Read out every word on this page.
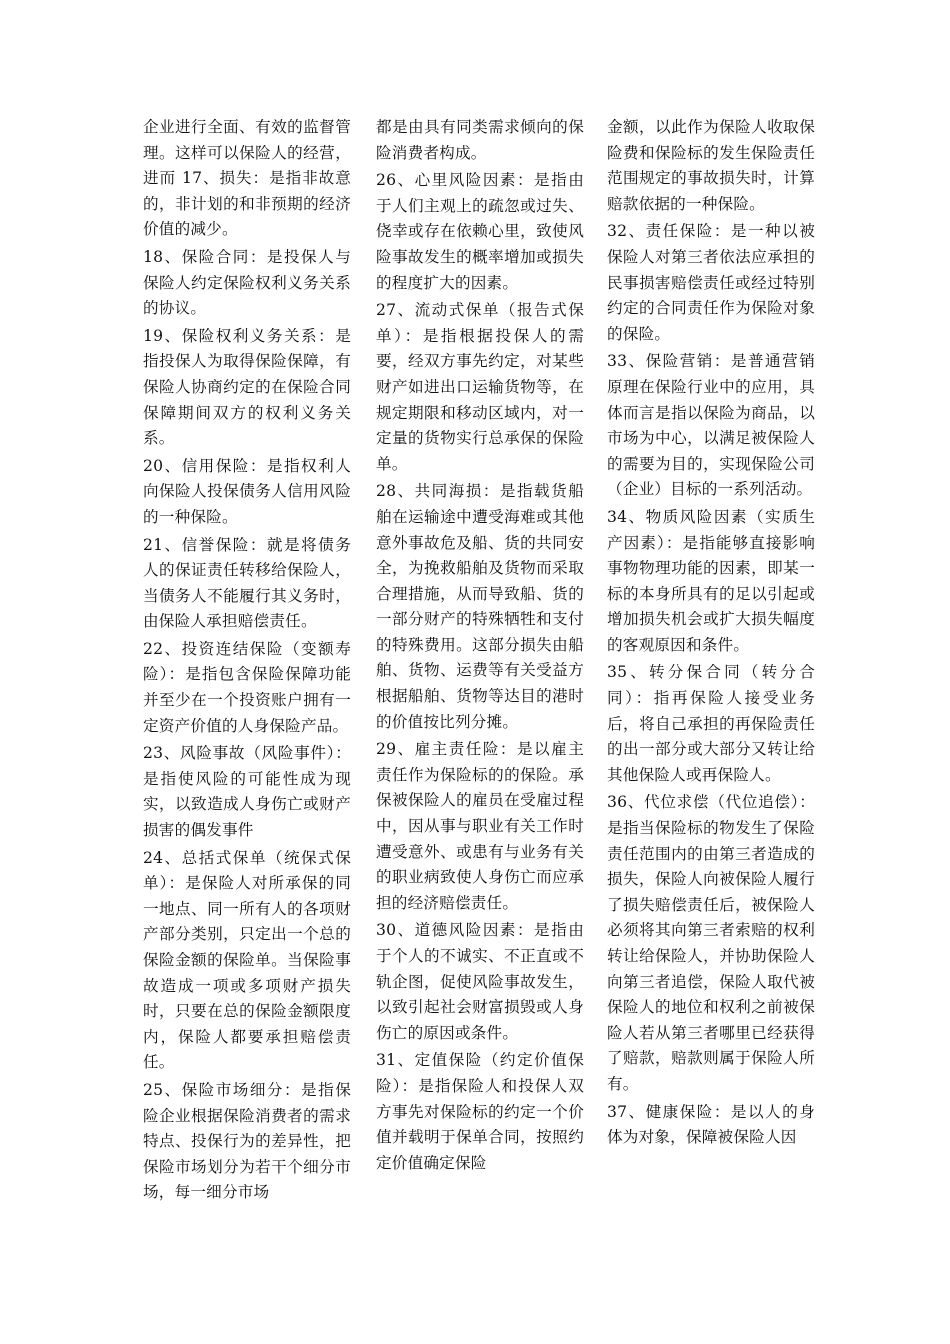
企业进行全面、有效的监督管理。这样可以保险人的经营，进而 17、损失：是指非故意的，非计划的和非预期的经济价值的减少。

18、保险合同：是投保人与保险人约定保险权利义务关系的协议。

19、保险权利义务关系：是指投保人为取得保险保障，有保险人协商约定的在保险合同保障期间双方的权利义务关系。

20、信用保险：是指权利人向保险人投保债务人信用风险的一种保险。

21、信誉保险：就是将债务人的保证责任转移给保险人，当债务人不能履行其义务时，由保险人承担赔偿责任。

22、投资连结保险（变额寿险）：是指包含保险保障功能并至少在一个投资账户拥有一定资产价值的人身保险产品。

23、风险事故（风险事件）：是指使风险的可能性成为现实，以致造成人身伤亡或财产损害的偶发事件

24、总括式保单（统保式保单）：是保险人对所承保的同一地点、同一所有人的各项财产部分类别，只定出一个总的保险金额的保险单。当保险事故造成一项或多项财产损失时，只要在总的保险金额限度内，保险人都要承担赔偿责任。

25、保险市场细分：是指保险企业根据保险消费者的需求特点、投保行为的差异性，把保险市场划分为若干个细分市场，每一细分市场

都是由具有同类需求倾向的保险消费者构成。

26、心里风险因素：是指由于人们主观上的疏忽或过失、侥幸或存在依赖心里，致使风险事故发生的概率增加或损失的程度扩大的因素。

27、流动式保单（报告式保单）：是指根据投保人的需要，经双方事先约定，对某些财产如进出口运输货物等，在规定期限和移动区域内，对一定量的货物实行总承保的保险单。

28、共同海损：是指载货船舶在运输途中遭受海难或其他意外事故危及船、货的共同安全，为挽救船舶及货物而采取合理措施，从而导致船、货的一部分财产的特殊牺牲和支付的特殊费用。这部分损失由船舶、货物、运费等有关受益方根据船舶、货物等达目的港时的价值按比列分摊。

29、雇主责任险：是以雇主责任作为保险标的的保险。承保被保险人的雇员在受雇过程中，因从事与职业有关工作时遭受意外、或患有与业务有关的职业病致使人身伤亡而应承担的经济赔偿责任。

30、道德风险因素：是指由于个人的不诚实、不正直或不轨企图，促使风险事故发生，以致引起社会财富损毁或人身伤亡的原因或条件。

31、定值保险（约定价值保险）：是指保险人和投保人双方事先对保险标的约定一个价值并载明于保单合同，按照约定价值确定保险

金额，以此作为保险人收取保险费和保险标的发生保险责任范围规定的事故损失时，计算赔款依据的一种保险。

32、责任保险：是一种以被保险人对第三者依法应承担的民事损害赔偿责任或经过特别约定的合同责任作为保险对象的保险。

33、保险营销：是普通营销原理在保险行业中的应用，具体而言是指以保险为商品，以市场为中心，以满足被保险人的需要为目的，实现保险公司（企业）目标的一系列活动。

34、物质风险因素（实质生产因素）：是指能够直接影响事物物理功能的因素，即某一标的本身所具有的足以引起或增加损失机会或扩大损失幅度的客观原因和条件。

35、转分保合同（转分合同）：指再保险人接受业务后，将自己承担的再保险责任的出一部分或大部分又转让给其他保险人或再保险人。

36、代位求偿（代位追偿）：是指当保险标的物发生了保险责任范围内的由第三者造成的损失，保险人向被保险人履行了损失赔偿责任后，被保险人必须将其向第三者索赔的权利转让给保险人，并协助保险人向第三者追偿，保险人取代被保险人的地位和权利之前被保险人若从第三者哪里已经获得了赔款，赔款则属于保险人所有。

37、健康保险：是以人的身体为对象，保障被保险人因
